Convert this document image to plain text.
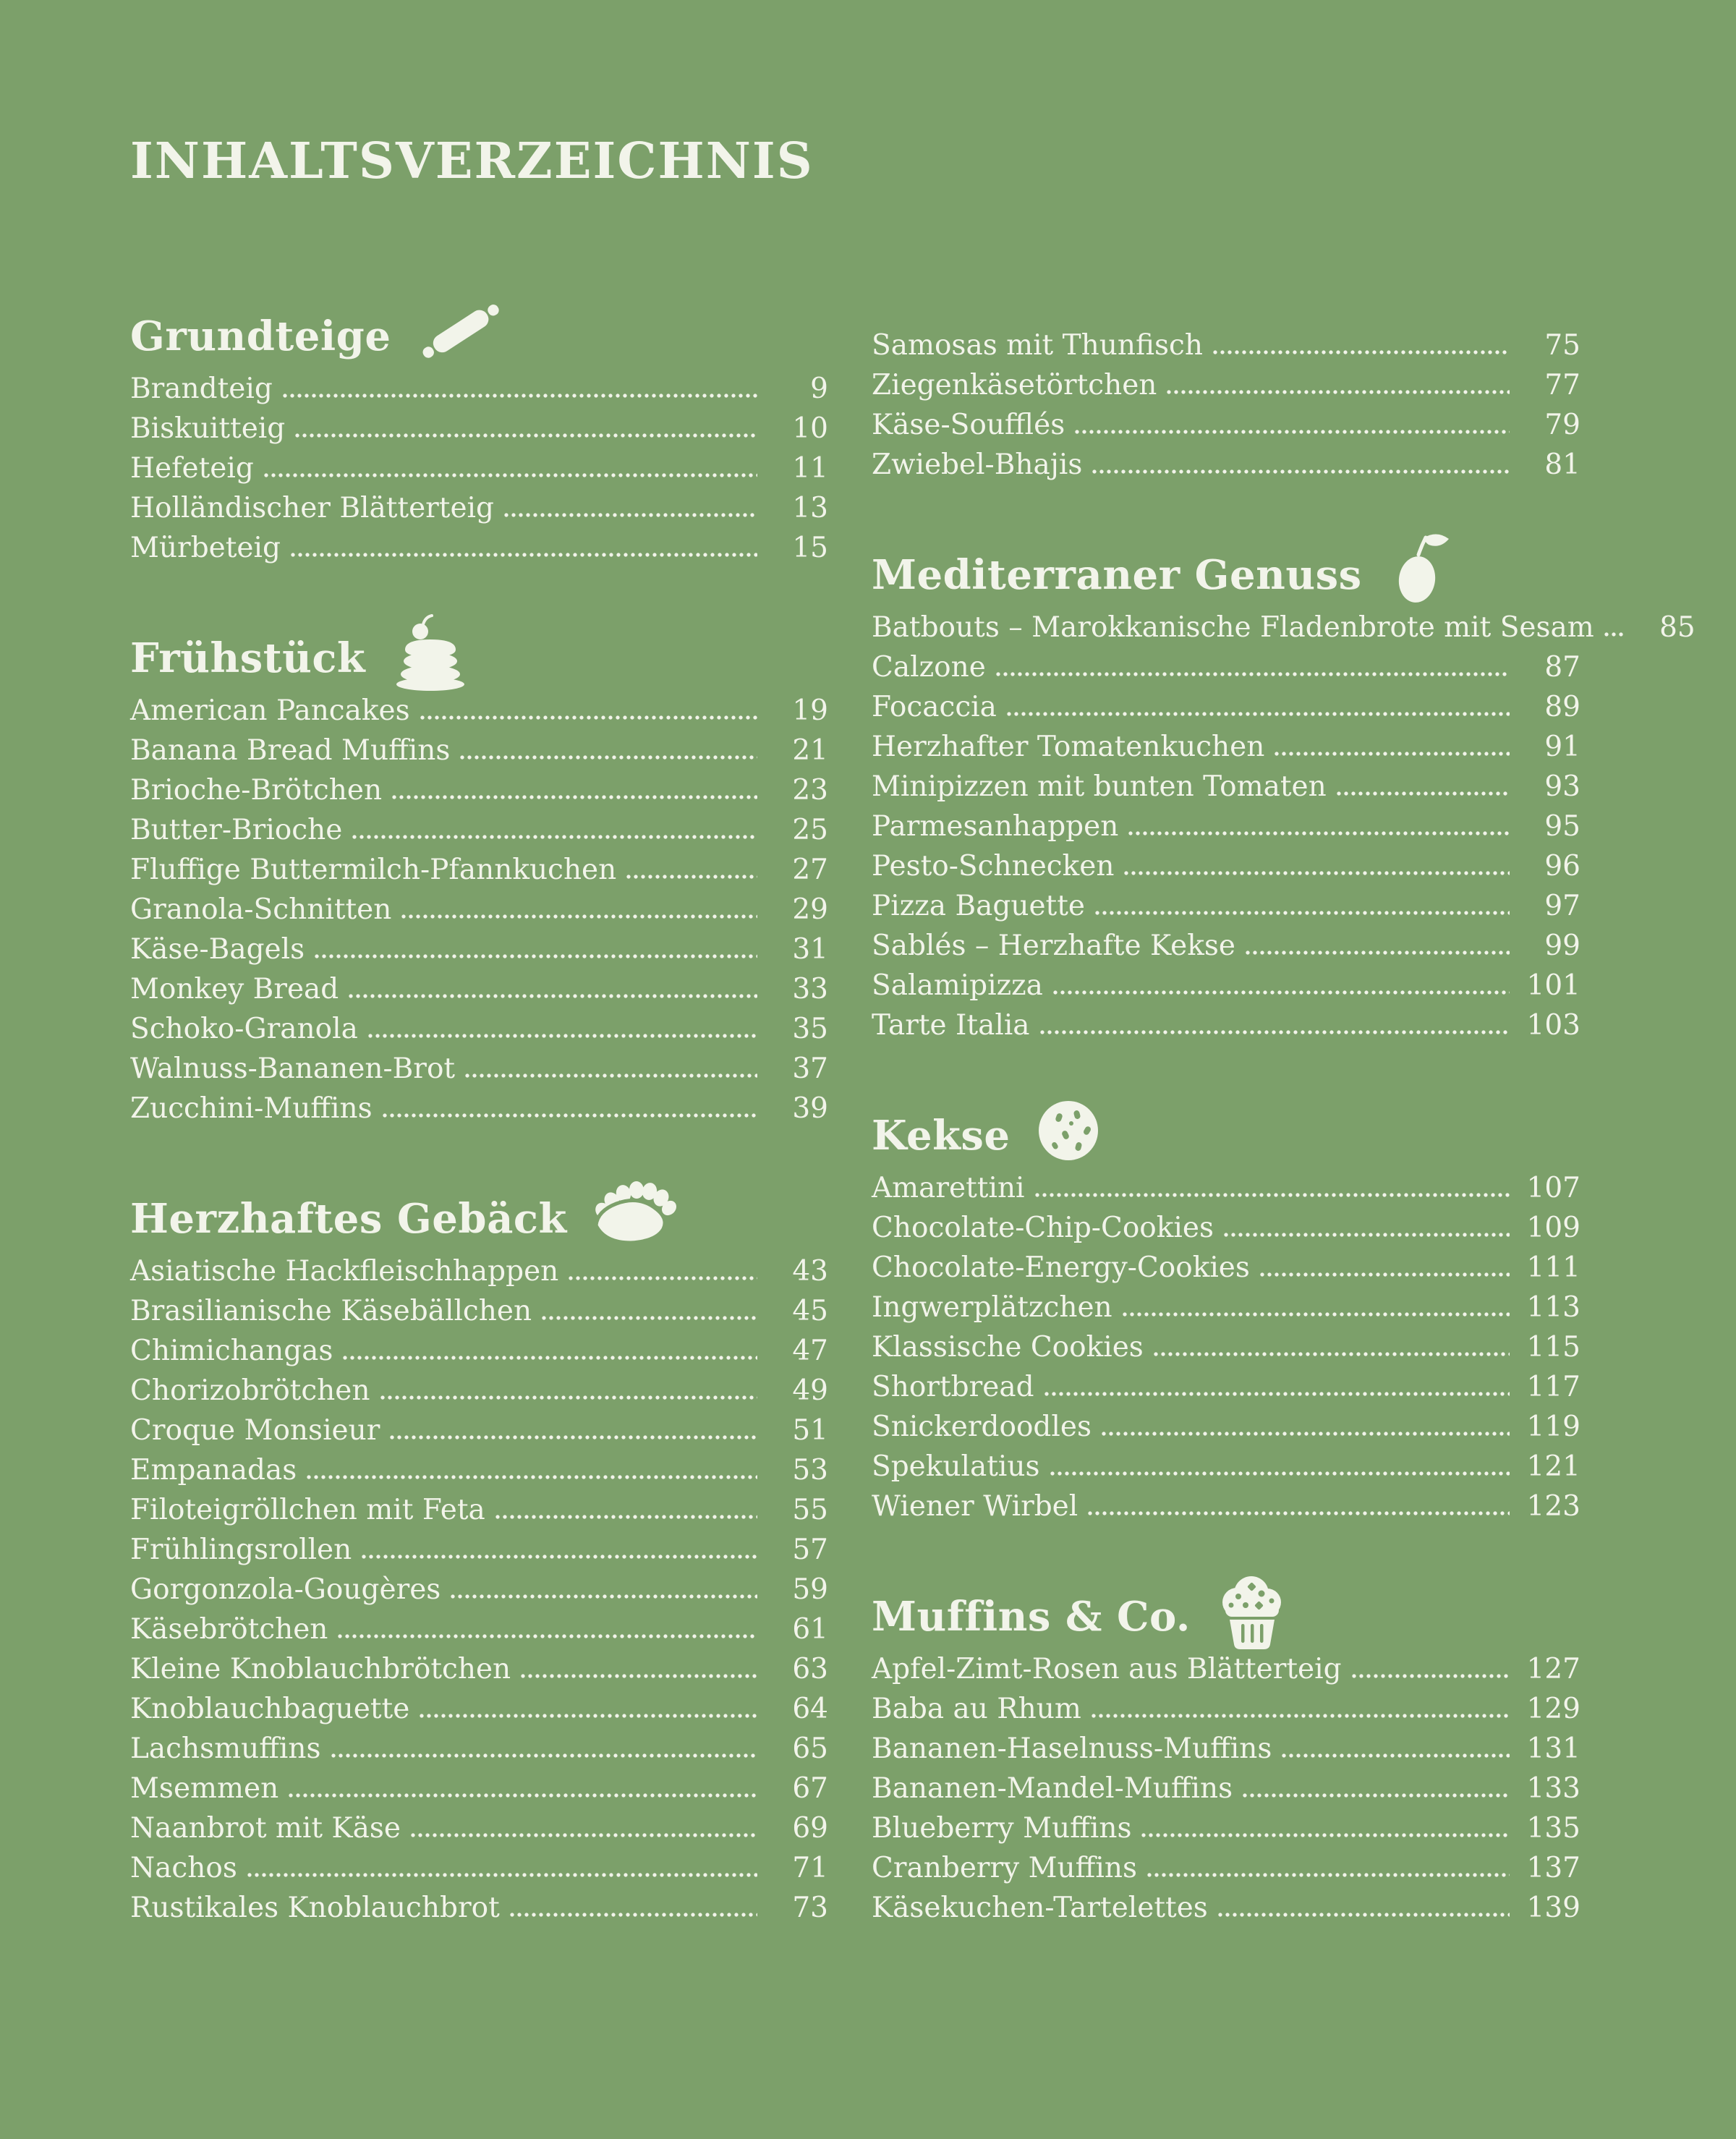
INHALTSVERZEICHNIS
Grundteige
Brandteig	9
Biskuitteig	10
Hefeteig	11
Holländischer Blätterteig	13
Mürbeteig	15
Frühstück
American Pancakes	19
Banana Bread Muffins	21
Brioche-Brötchen	23
Butter-Brioche	25
Fluffige Buttermilch-Pfannkuchen	27
Granola-Schnitten	29
Käse-Bagels	31
Monkey Bread	33
Schoko-Granola	35
Walnuss-Bananen-Brot	37
Zucchini-Muffins	39
Herzhaftes Gebäck
Asiatische Hackfleischhappen	43
Brasilianische Käsebällchen	45
Chimichangas	47
Chorizobrötchen	49
Croque Monsieur	51
Empanadas	53
Filoteigröllchen mit Feta	55
Frühlingsrollen	57
Gorgonzola-Gougères	59
Käsebrötchen	61
Kleine Knoblauchbrötchen	63
Knoblauchbaguette	64
Lachsmuffins	65
Msemmen	67
Naanbrot mit Käse	69
Nachos	71
Rustikales Knoblauchbrot	73
Samosas mit Thunfisch	75
Ziegenkäsetörtchen	77
Käse-Soufflés	79
Zwiebel-Bhajis	81
Mediterraner Genuss
Batbouts – Marokkanische Fladenbrote mit Sesam	85
Calzone	87
Focaccia	89
Herzhafter Tomatenkuchen	91
Minipizzen mit bunten Tomaten	93
Parmesanhappen	95
Pesto-Schnecken	96
Pizza Baguette	97
Sablés – Herzhafte Kekse	99
Salamipizza	101
Tarte Italia	103
Kekse
Amarettini	107
Chocolate-Chip-Cookies	109
Chocolate-Energy-Cookies	111
Ingwerplätzchen	113
Klassische Cookies	115
Shortbread	117
Snickerdoodles	119
Spekulatius	121
Wiener Wirbel	123
Muffins & Co.
Apfel-Zimt-Rosen aus Blätterteig	127
Baba au Rhum	129
Bananen-Haselnuss-Muffins	131
Bananen-Mandel-Muffins	133
Blueberry Muffins	135
Cranberry Muffins	137
Käsekuchen-Tartelettes	139
